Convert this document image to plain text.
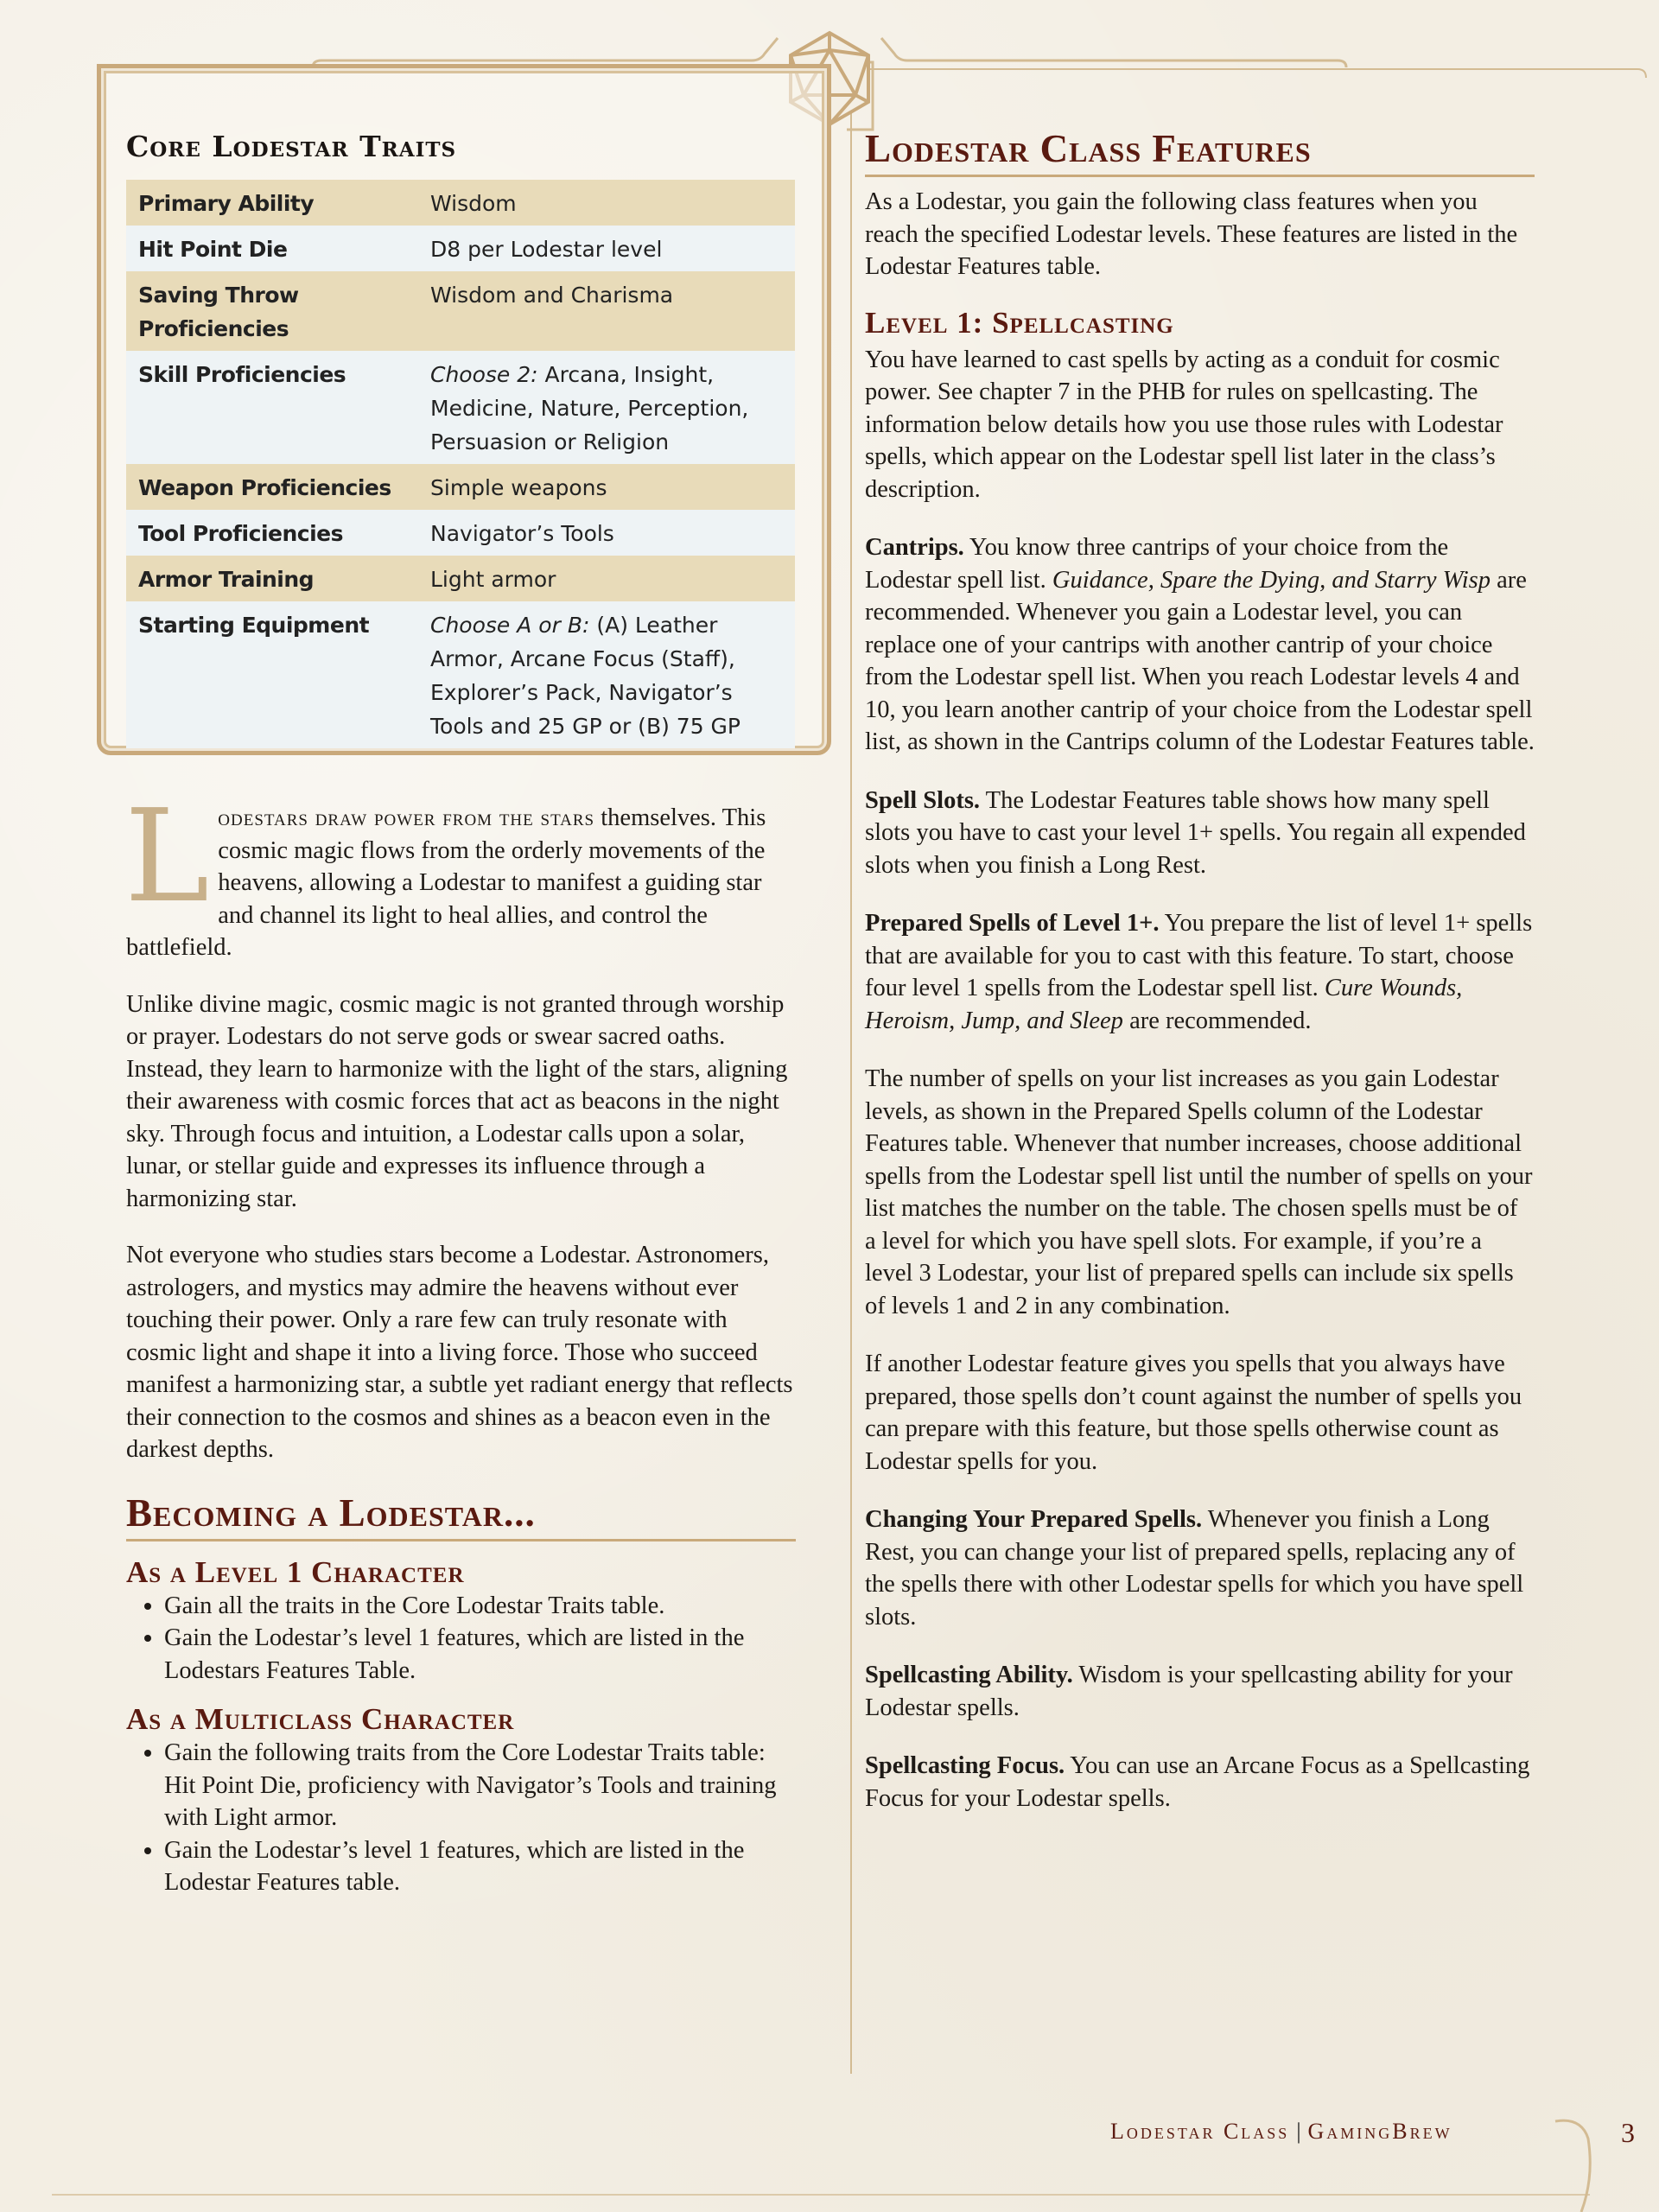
Core Lodestar Traits
Primary Ability	Wisdom
Hit Point Die	D8 per Lodestar level
Saving Throw Proficiencies	Wisdom and Charisma
Skill Proficiencies	Choose 2: Arcana, Insight, Medicine, Nature, Perception, Persuasion or Religion
Weapon Proficiencies	Simple weapons
Tool Proficiencies	Navigator’s Tools
Armor Training	Light armor
Starting Equipment	Choose A or B: (A) Leather Armor, Arcane Focus (Staff), Explorer’s Pack, Navigator’s Tools and 25 GP or (B) 75 GP

Lodestars draw power from the stars themselves. This cosmic magic flows from the orderly movements of the heavens, allowing a Lodestar to manifest a guiding star and channel its light to heal allies, and control the battlefield.

Unlike divine magic, cosmic magic is not granted through worship or prayer. Lodestars do not serve gods or swear sacred oaths. Instead, they learn to harmonize with the light of the stars, aligning their awareness with cosmic forces that act as beacons in the night sky. Through focus and intuition, a Lodestar calls upon a solar, lunar, or stellar guide and expresses its influence through a harmonizing star.

Not everyone who studies stars become a Lodestar. Astronomers, astrologers, and mystics may admire the heavens without ever touching their power. Only a rare few can truly resonate with cosmic light and shape it into a living force. Those who succeed manifest a harmonizing star, a subtle yet radiant energy that reflects their connection to the cosmos and shines as a beacon even in the darkest depths.

Becoming a Lodestar...
As a Level 1 Character
• Gain all the traits in the Core Lodestar Traits table.
• Gain the Lodestar’s level 1 features, which are listed in the Lodestars Features Table.
As a Multiclass Character
• Gain the following traits from the Core Lodestar Traits table: Hit Point Die, proficiency with Navigator’s Tools and training with Light armor.
• Gain the Lodestar’s level 1 features, which are listed in the Lodestar Features table.
Lodestar Class Features

As a Lodestar, you gain the following class features when you reach the specified Lodestar levels. These features are listed in the Lodestar Features table.

Level 1: Spellcasting

You have learned to cast spells by acting as a conduit for cosmic power. See chapter 7 in the PHB for rules on spellcasting. The information below details how you use those rules with Lodestar spells, which appear on the Lodestar spell list later in the class’s description.

Cantrips. You know three cantrips of your choice from the Lodestar spell list. Guidance, Spare the Dying, and Starry Wisp are recommended. Whenever you gain a Lodestar level, you can replace one of your cantrips with another cantrip of your choice from the Lodestar spell list. When you reach Lodestar levels 4 and 10, you learn another cantrip of your choice from the Lodestar spell list, as shown in the Cantrips column of the Lodestar Features table.

Spell Slots. The Lodestar Features table shows how many spell slots you have to cast your level 1+ spells. You regain all expended slots when you finish a Long Rest.

Prepared Spells of Level 1+. You prepare the list of level 1+ spells that are available for you to cast with this feature. To start, choose four level 1 spells from the Lodestar spell list. Cure Wounds, Heroism, Jump, and Sleep are recommended.

The number of spells on your list increases as you gain Lodestar levels, as shown in the Prepared Spells column of the Lodestar Features table. Whenever that number increases, choose additional spells from the Lodestar spell list until the number of spells on your list matches the number on the table. The chosen spells must be of a level for which you have spell slots. For example, if you’re a level 3 Lodestar, your list of prepared spells can include six spells of levels 1 and 2 in any combination.

If another Lodestar feature gives you spells that you always have prepared, those spells don’t count against the number of spells you can prepare with this feature, but those spells otherwise count as Lodestar spells for you.

Changing Your Prepared Spells. Whenever you finish a Long Rest, you can change your list of prepared spells, replacing any of the spells there with other Lodestar spells for which you have spell slots.

Spellcasting Ability. Wisdom is your spellcasting ability for your Lodestar spells.

Spellcasting Focus. You can use an Arcane Focus as a Spellcasting Focus for your Lodestar spells.

Lodestar Class | GamingBrew	3
